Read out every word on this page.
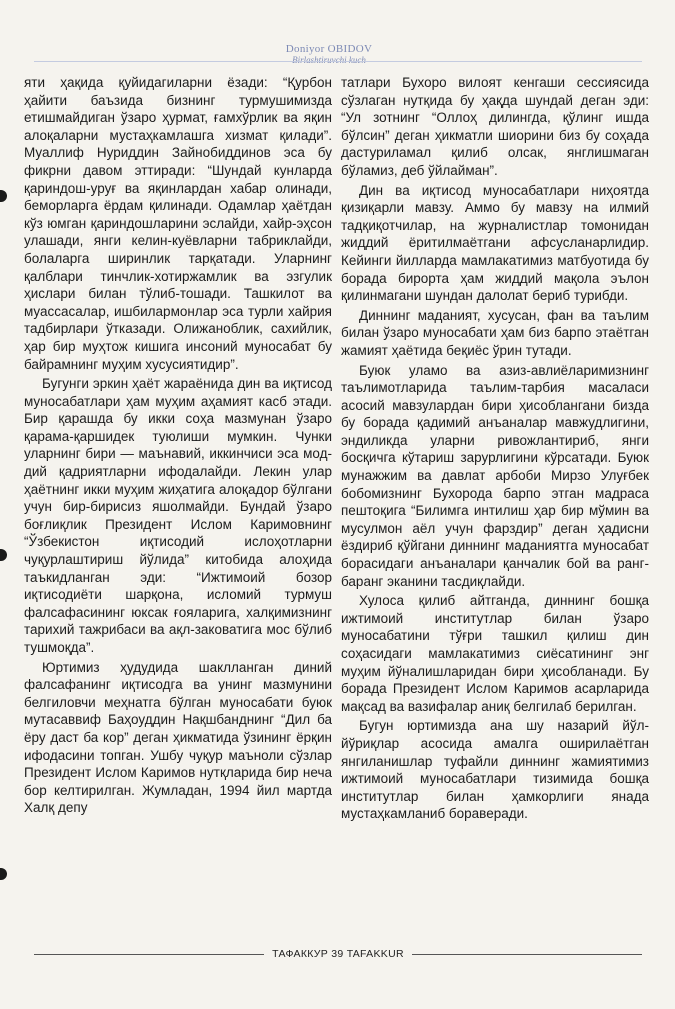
Doniyor OBIDOV
Birlashtiruvchi kuch

яти ҳақида қуйидагиларни ёзади: “Қурбон ҳайити баъзида бизнинг турмушимизда етишмайдиган ўзаро ҳурмат, ғамхўрлик ва яқин алоқаларни мустаҳкамлашга хизмат қилади”. Муаллиф Нуриддин Зайнобиддинов эса бу фикрни давом эттиради: “Шундай кунларда қариндош-уруғ ва яқинлардан хабар олинади, беморларга ёрдам қилинади. Одамлар ҳаётдан кўз юмган қариндошларини эслайди, хайр-эҳсон улашади, янги келин-куёвларни табриклайди, болаларга ширинлик тарқатади. Уларнинг қалблари тинчлик-хотиржамлик ва эзгулик ҳислари билан тўлиб-тошади. Ташкилот ва муассасалар, ишбилармонлар эса турли хайрия тадбирлари ўтказади. Олижаноблик, сахийлик, ҳар бир муҳтож кишига инсоний муносабат бу байрамнинг муҳим хусусиятидир”.

Бугунги эркин ҳаёт жараёнида дин ва иқтисод муносабатлари ҳам муҳим аҳамият касб этади. Бир қарашда бу икки соҳа мазмунан ўзаро қарама-қаршидек туюлиши мумкин. Чунки уларнинг бири — маънавий, иккинчиси эса моддий қадриятларни ифодалайди. Лекин улар ҳаётнинг икки муҳим жиҳатига алоқадор бўлгани учун бир-бирисиз яшолмайди. Бундай ўзаро боғлиқлик Президент Ислом Каримовнинг “Ўзбекистон иқтисодий ислоҳотларни чуқурлаштириш йўлида” китобида алоҳида таъкидланган эди: “Ижтимоий бозор иқтисодиёти шарқона, исломий турмуш фалсафасининг юксак ғояларига, халқимизнинг тарихий тажрибаси ва ақл-заковатига мос бўлиб тушмоқда”.

Юртимиз ҳудудида шаклланган диний фалсафанинг иқтисодга ва унинг мазмунини белгиловчи меҳнатга бўлган муносабати буюк мутасаввиф Баҳоуддин Нақшбанднинг “Дил ба ёру даст ба кор” деган ҳикматида ўзининг ёрқин ифодасини топган. Ушбу чуқур маъноли сўзлар Президент Ислом Каримов нутқларида бир неча бор келтирилган. Жумладан, 1994 йил мартда Халқ депу

татлари Бухоро вилоят кенгаши сессиясида сўзлаган нутқида бу ҳақда шундай деган эди: “Ул зотнинг “Оллоҳ дилингда, қўлинг ишда бўлсин” деган ҳикматли шиорини биз бу соҳада дастуриламал қилиб олсак, янглишмаган бўламиз, деб ўйлайман”.

Дин ва иқтисод муносабатлари ниҳоятда қизиқарли мавзу. Аммо бу мавзу на илмий тадқиқотчилар, на журналистлар томонидан жиддий ёритилмаётгани афсусланарлидир. Кейинги йилларда мамлакатимиз матбуотида бу борада бирорта ҳам жиддий мақола эълон қилинмагани шундан далолат бериб турибди.

Диннинг маданият, хусусан, фан ва таълим билан ўзаро муносабати ҳам биз барпо этаётган жамият ҳаётида беқиёс ўрин тутади.

Буюк уламо ва азиз-авлиёларимизнинг таълимотларида таълим-тарбия масаласи асосий мавзулардан бири ҳисоблангани бизда бу борада қадимий анъаналар мавжудлигини, эндиликда уларни ривожлантириб, янги босқичга кўтариш зарурлигини кўрсатади. Буюк мунажжим ва давлат арбоби Мирзо Улуғбек бобомизнинг Бухорода барпо этган мадраса пештоқига “Билимга интилиш ҳар бир мўмин ва мусулмон аёл учун фарздир” деган ҳадисни ёздириб қўйгани диннинг маданиятга муносабат борасидаги анъаналари қанчалик бой ва ранг-баранг эканини тасдиқлайди.

Хулоса қилиб айтганда, диннинг бошқа ижтимоий институтлар билан ўзаро муносабатини тўғри ташкил қилиш дин соҳасидаги мамлакатимиз сиёсатининг энг муҳим йўналишларидан бири ҳисобланади. Бу борада Президент Ислом Каримов асарларида мақсад ва вазифалар аниқ белгилаб берилган.

Бугун юртимизда ана шу назарий йўлйўриқлар асосида амалга оширилаётган янгиланишлар туфайли диннинг жамиятимиз ижтимоий муносабатлари тизимида бошқа институтлар билан ҳамкорлиги янада мустаҳкамланиб бораверади.

ТАФАККУР 39 TAFAKKUR
